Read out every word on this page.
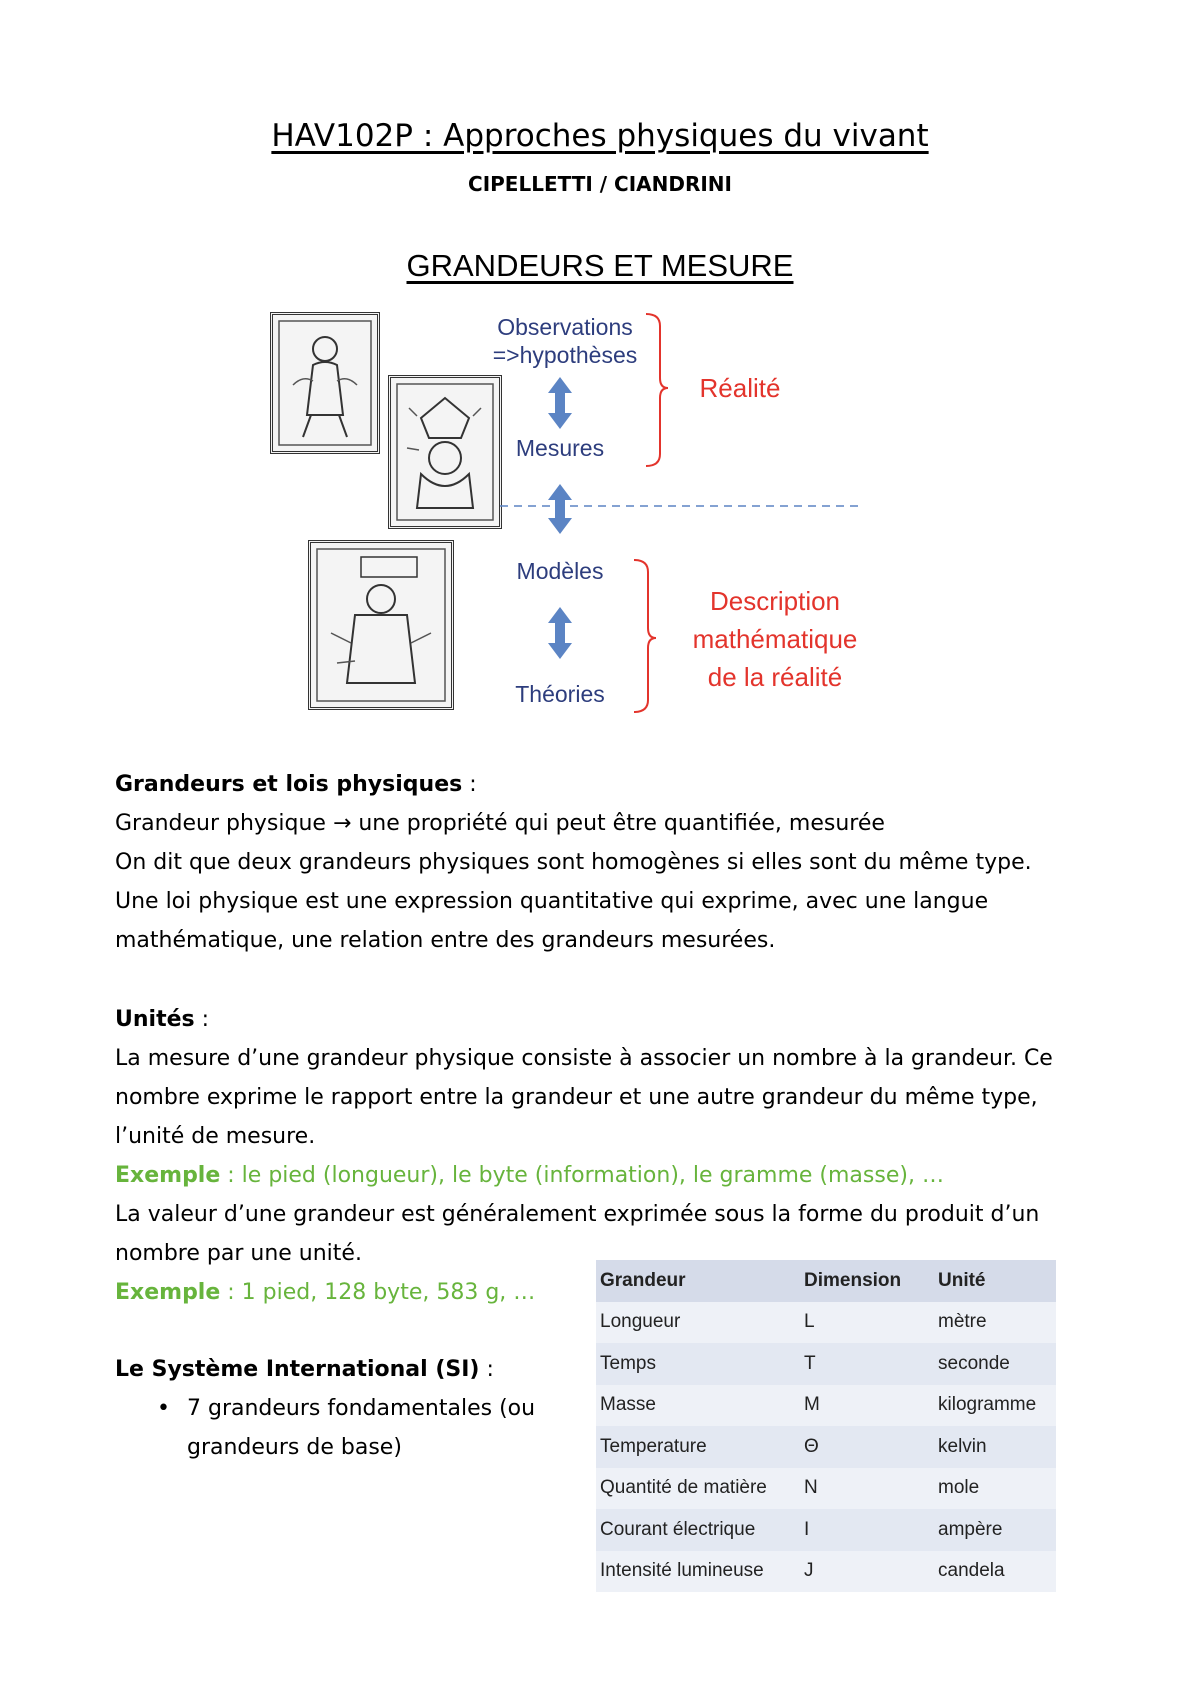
HAV102P : Approches physiques du vivant
CIPELLETTI / CIANDRINI
GRANDEURS ET MESURE
Observations
=>hypothèses
Mesures
Modèles
Théories
Réalité
Description
mathématique
de la réalité
Grandeurs et lois physiques :
Grandeur physique → une propriété qui peut être quantifiée, mesurée
On dit que deux grandeurs physiques sont homogènes si elles sont du même type.
Une loi physique est une expression quantitative qui exprime, avec une langue
mathématique, une relation entre des grandeurs mesurées.
Unités :
La mesure d’une grandeur physique consiste à associer un nombre à la grandeur. Ce
nombre exprime le rapport entre la grandeur et une autre grandeur du même type,
l’unité de mesure.
Exemple : le pied (longueur), le byte (information), le gramme (masse), …
La valeur d’une grandeur est généralement exprimée sous la forme du produit d’un
nombre par une unité.
Exemple : 1 pied, 128 byte, 583 g, …
Le Système International (SI) :
• 7 grandeurs fondamentales (ou
grandeurs de base)
Grandeur	Dimension	Unité
Longueur	L	mètre
Temps	T	seconde
Masse	M	kilogramme
Temperature	Θ	kelvin
Quantité de matière	N	mole
Courant électrique	I	ampère
Intensité lumineuse	J	candela
